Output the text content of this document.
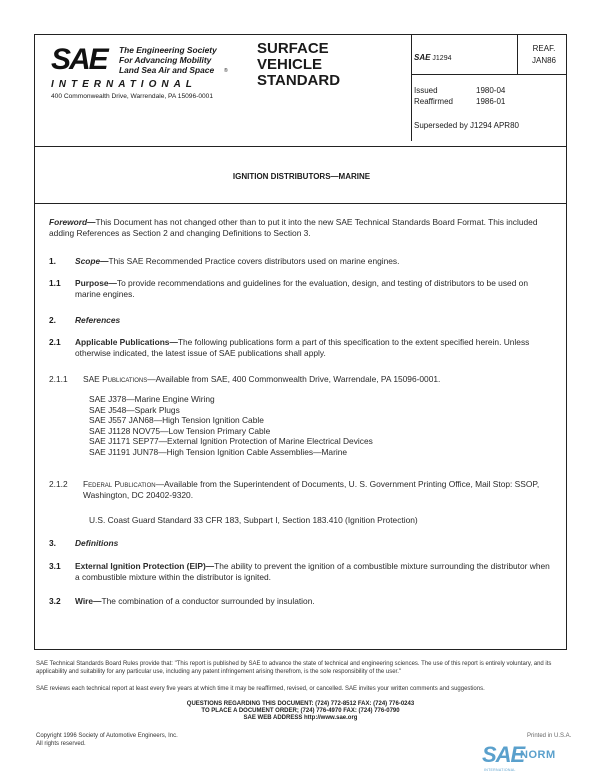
SAE The Engineering Society
For Advancing Mobility
Land Sea Air and Space	®
INTERNATIONAL
400 Commonwealth Drive, Warrendale, PA 15096-0001
SURFACE
VEHICLE
STANDARD
SAE J1294
REAF.
JAN86
Issued	1980-04
Reaffirmed	1986-01
Superseded by J1294 APR80
IGNITION DISTRIBUTORS—MARINE
Foreword—This Document has not changed other than to put it into the new SAE Technical Standards Board Format. This included adding References as Section 2 and changing Definitions to Section 3.
1. Scope—This SAE Recommended Practice covers distributors used on marine engines.
1.1 Purpose—To provide recommendations and guidelines for the evaluation, design, and testing of distributors to be used on marine engines.
2. References
2.1 Applicable Publications—The following publications form a part of this specification to the extent specified herein. Unless otherwise indicated, the latest issue of SAE publications shall apply.
2.1.1 SAE Publications—Available from SAE, 400 Commonwealth Drive, Warrendale, PA 15096-0001.
SAE J378—Marine Engine Wiring
SAE J548—Spark Plugs
SAE J557 JAN68—High Tension Ignition Cable
SAE J1128 NOV75—Low Tension Primary Cable
SAE J1171 SEP77—External Ignition Protection of Marine Electrical Devices
SAE J1191 JUN78—High Tension Ignition Cable Assemblies—Marine
2.1.2 Federal Publication—Available from the Superintendent of Documents, U. S. Government Printing Office, Mail Stop: SSOP, Washington, DC 20402-9320.
U.S. Coast Guard Standard 33 CFR 183, Subpart I, Section 183.410 (Ignition Protection)
3. Definitions
3.1 External Ignition Protection (EIP)—The ability to prevent the ignition of a combustible mixture surrounding the distributor when a combustible mixture within the distributor is ignited.
3.2 Wire—The combination of a conductor surrounded by insulation.
SAE Technical Standards Board Rules provide that: "This report is published by SAE to advance the state of technical and engineering sciences. The use of this report is entirely voluntary, and its applicability and suitability for any particular use, including any patent infringement arising therefrom, is the sole responsibility of the user."
SAE reviews each technical report at least every five years at which time it may be reaffirmed, revised, or cancelled. SAE invites your written comments and suggestions.
QUESTIONS REGARDING THIS DOCUMENT: (724) 772-8512 FAX: (724) 776-0243
TO PLACE A DOCUMENT ORDER; (724) 776-4970 FAX: (724) 776-0790
SAE WEB ADDRESS http://www.sae.org
Copyright 1996 Society of Automotive Engineers, Inc.
All rights reserved.
Printed in U.S.A.
SAE
NORM
INTERNATIONAL
